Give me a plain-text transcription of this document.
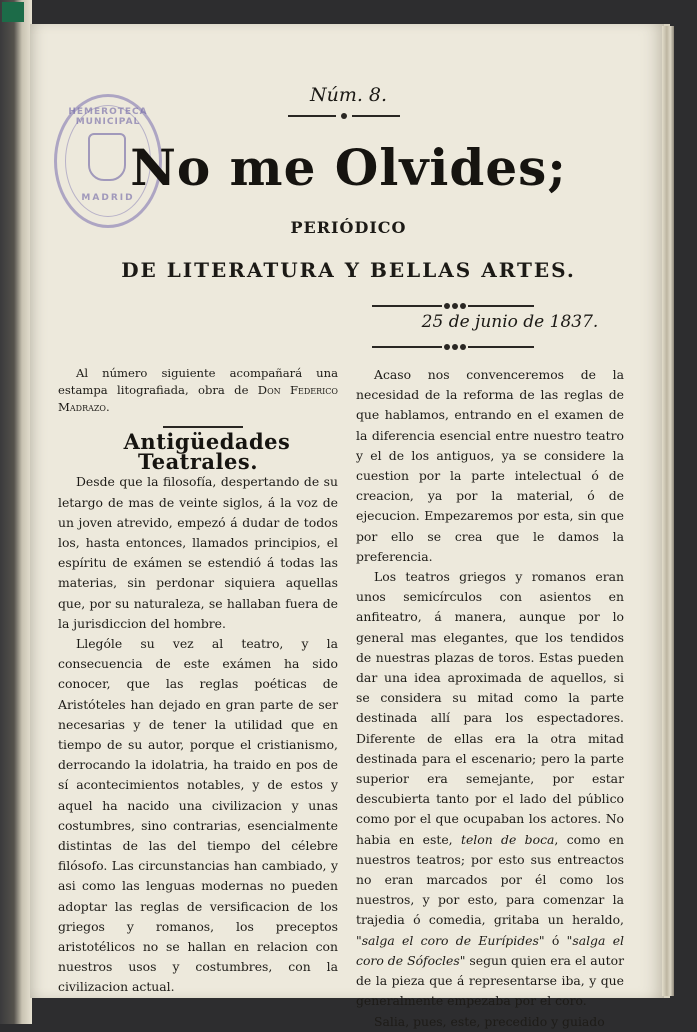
HEMEROTECA MUNICIPAL
MADRID
Núm. 8.
No me Olvides;
PERIÓDICO
DE LITERATURA Y BELLAS ARTES.
25 de junio de 1837.

Al número siguiente acompañará una estampa litografiada, obra de Don Federico Madrazo.

Antigüedades Teatrales.

Desde que la filosofía, despertando de su letargo de mas de veinte siglos, á la voz de un joven atrevido, empezó á dudar de todos los, hasta entonces, llamados principios, el espíritu de exámen se estendió á todas las materias, sin perdonar siquiera aquellas que, por su naturaleza, se hallaban fuera de la jurisdiccion del hombre.

Llególe su vez al teatro, y la consecuencia de este exámen ha sido conocer, que las reglas poéticas de Aristóteles han dejado en gran parte de ser necesarias y de tener la utilidad que en tiempo de su autor, porque el cristianismo, derrocando la idolatria, ha traido en pos de sí acontecimientos notables, y de estos y aquel ha nacido una civilizacion y unas costumbres, sino contrarias, esencialmente distintas de las del tiempo del célebre filósofo. Las circunstancias han cambiado, y asi como las lenguas modernas no pueden adoptar las reglas de versificacion de los griegos y romanos, los preceptos aristotélicos no se hallan en relacion con nuestros usos y costumbres, con la civilizacion actual.

Acaso nos convenceremos de la necesidad de la reforma de las reglas de que hablamos, entrando en el examen de la diferencia esencial entre nuestro teatro y el de los antiguos, ya se considere la cuestion por la parte intelectual ó de creacion, ya por la material, ó de ejecucion. Empezaremos por esta, sin que por ello se crea que le damos la preferencia.

Los teatros griegos y romanos eran unos semicírculos con asientos en anfiteatro, á manera, aunque por lo general mas elegantes, que los tendidos de nuestras plazas de toros. Estas pueden dar una idea aproximada de aquellos, si se considera su mitad como la parte destinada allí para los espectadores. Diferente de ellas era la otra mitad destinada para el escenario; pero la parte superior era semejante, por estar descubierta tanto por el lado del público como por el que ocupaban los actores. No habia en este, telon de boca, como en nuestros teatros; por esto sus entreactos no eran marcados por él como los nuestros, y por esto, para comenzar la trajedia ó comedia, gritaba un heraldo, "salga el coro de Eurípides" ó "salga el coro de Sófocles" segun quien era el autor de la pieza que á representarse iba, y que generalmente empezaba por el coro.

Salia, pues, este, precedido y guiado
